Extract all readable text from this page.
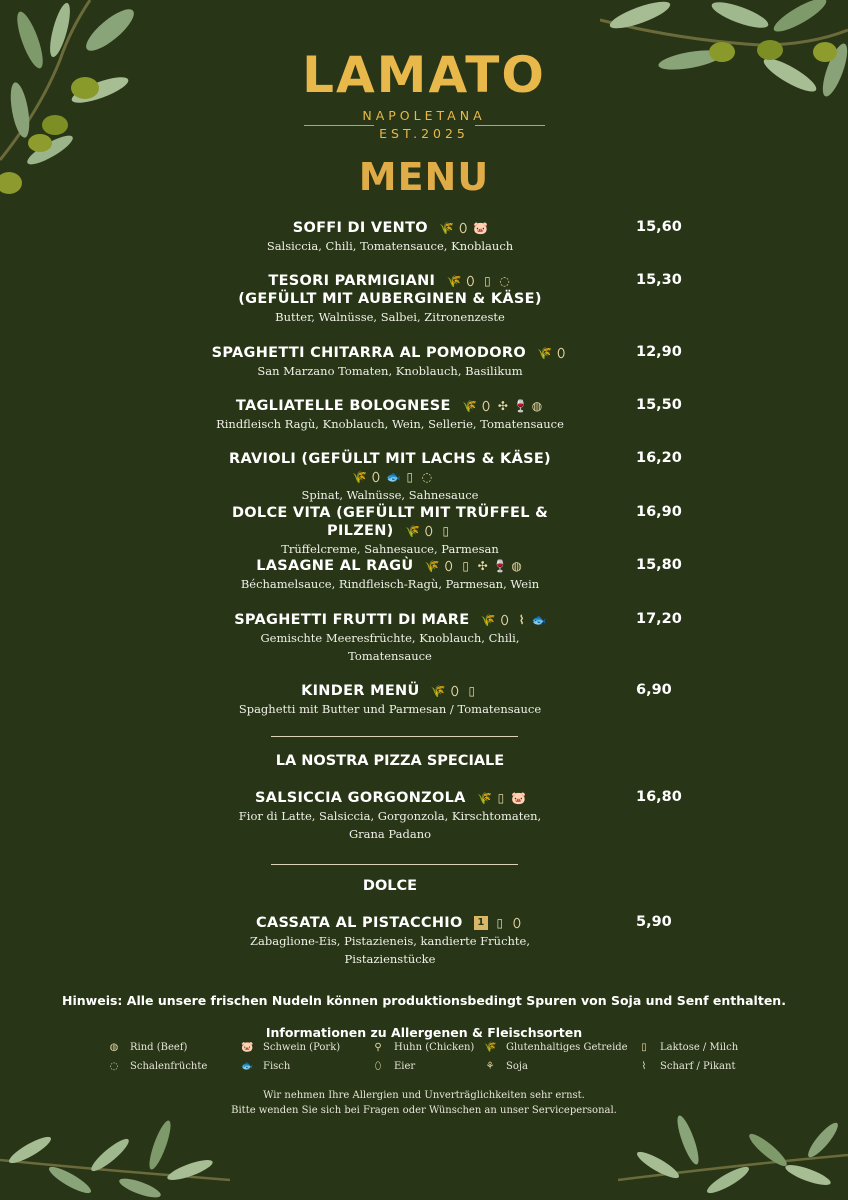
LAMATO
NAPOLETANA
EST.2025
MENU
SOFFI DI VENTO 🌾 ⬯ 🐷
Salsiccia, Chili, Tomatensauce, Knoblauch
15,60
TESORI PARMIGIANI 🌾 ⬯ ▯ ◌
(GEFÜLLT MIT AUBERGINEN & KÄSE)
Butter, Walnüsse, Salbei, Zitronenzeste
15,30
SPAGHETTI CHITARRA AL POMODORO 🌾 ⬯
San Marzano Tomaten, Knoblauch, Basilikum
12,90
TAGLIATELLE BOLOGNESE 🌾 ⬯ ✣ 🍷 ◍
Rindfleisch Ragù, Knoblauch, Wein, Sellerie, Tomatensauce
15,50
RAVIOLI (GEFÜLLT MIT LACHS & KÄSE)
🌾 ⬯ 🐟 ▯ ◌
Spinat, Walnüsse, Sahnesauce
16,20
DOLCE VITA (GEFÜLLT MIT TRÜFFEL & PILZEN) 🌾 ⬯ ▯
Trüffelcreme, Sahnesauce, Parmesan
16,90
LASAGNE AL RAGÙ 🌾 ⬯ ▯ ✣ 🍷 ◍
Béchamelsauce, Rindfleisch-Ragù, Parmesan, Wein
15,80
SPAGHETTI FRUTTI DI MARE 🌾 ⬯ ⌇ 🐟
Gemischte Meeresfrüchte, Knoblauch, Chili,
Tomatensauce
17,20
KINDER MENÜ 🌾 ⬯ ▯
Spaghetti mit Butter und Parmesan / Tomatensauce
6,90
LA NOSTRA PIZZA SPECIALE
SALSICCIA GORGONZOLA 🌾 ▯ 🐷
Fior di Latte, Salsiccia, Gorgonzola, Kirschtomaten,
Grana Padano
16,80
DOLCE
CASSATA AL PISTACCHIO	1 ▯ ⬯
Zabaglione-Eis, Pistazieneis, kandierte Früchte,
Pistazienstücke
5,90
Hinweis: Alle unsere frischen Nudeln können produktionsbedingt Spuren von Soja und Senf enthalten.
Informationen zu Allergenen & Fleischsorten
◍ Rind (Beef)	🐷 Schwein (Pork)	⚲ Huhn (Chicken) 🌾 Glutenhaltiges Getreide	▯ Laktose / Milch
◌ Schalenfrüchte	🐟 Fisch	⬯ Eier	⚘ Soja	⌇ Scharf / Pikant
Wir nehmen Ihre Allergien und Unverträglichkeiten sehr ernst.
Bitte wenden Sie sich bei Fragen oder Wünschen an unser Servicepersonal.
